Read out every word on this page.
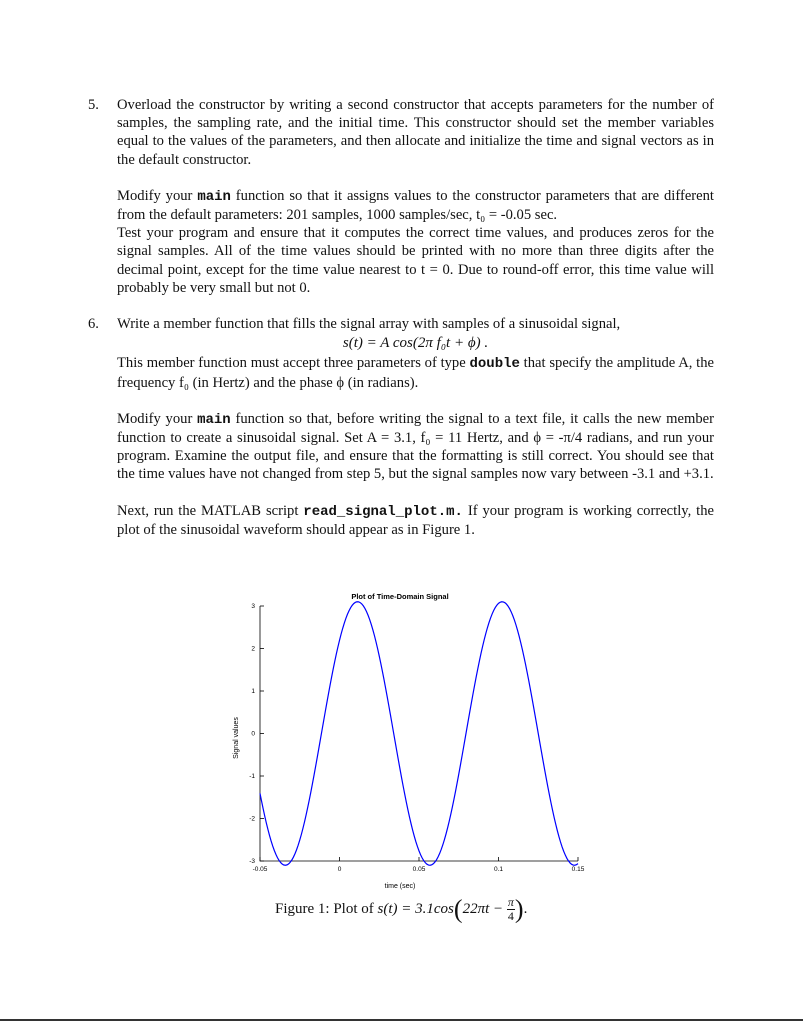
5.	Overload the constructor by writing a second constructor that accepts parameters for the number of samples, the sampling rate, and the initial time. This constructor should set the member variables equal to the values of the parameters, and then allocate and initialize the time and signal vectors as in the default constructor.

Modify your main function so that it assigns values to the constructor parameters that are different from the default parameters: 201 samples, 1000 samples/sec, t₀ = -0.05 sec.
Test your program and ensure that it computes the correct time values, and produces zeros for the signal samples. All of the time values should be printed with no more than three digits after the decimal point, except for the time value nearest to t = 0. Due to round-off error, this time value will probably be very small but not 0.

6.	Write a member function that fills the signal array with samples of a sinusoidal signal,

s(t) = A cos(2π f₀t + ϕ) .

This member function must accept three parameters of type double that specify the amplitude A, the frequency f₀ (in Hertz) and the phase ϕ (in radians).

Modify your main function so that, before writing the signal to a text file, it calls the new member function to create a sinusoidal signal. Set A = 3.1, f₀ = 11 Hertz, and ϕ = -π/4 radians, and run your program. Examine the output file, and ensure that the formatting is still correct. You should see that the time values have not changed from step 5, but the signal samples now vary between -3.1 and +3.1.

Next, run the MATLAB script read_signal_plot.m. If your program is working correctly, the plot of the sinusoidal waveform should appear as in Figure 1.

Plot of Time-Domain Signal
-0.05	0	0.05	0.1	0.15
3
2
1
0
-1
-2
-3
time (sec)
Signal values
Figure 1: Plot of $s(t) = 3.1\cos(22\pi t - \frac{\pi}{4}$ ).
